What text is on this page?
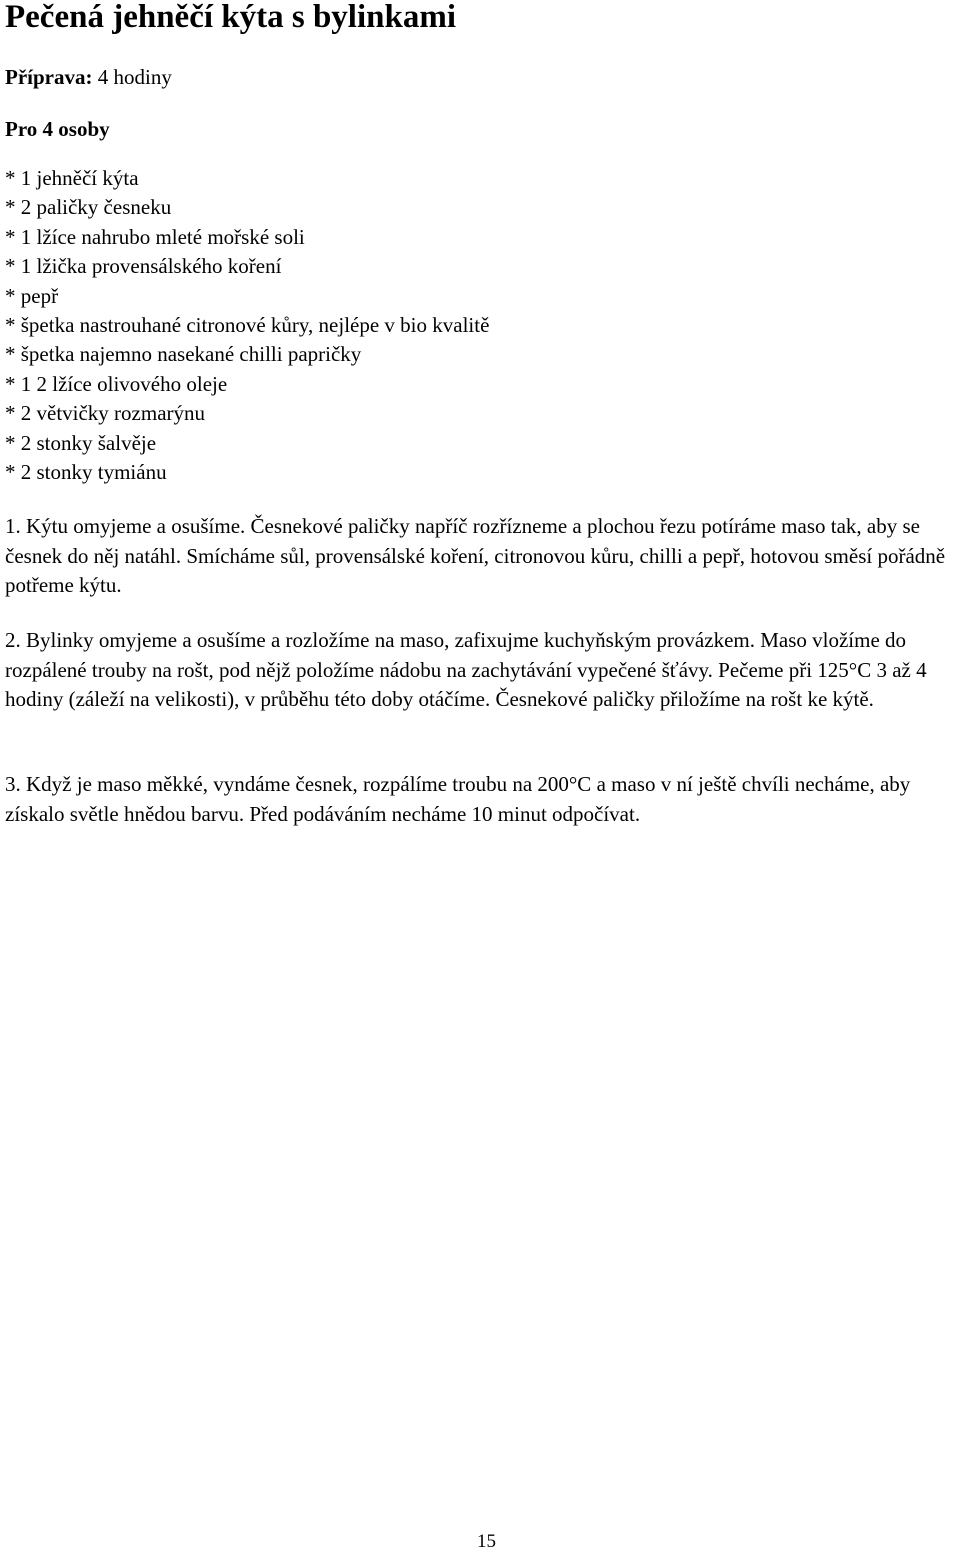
Pečená jehněčí kýta s bylinkami
Příprava: 4 hodiny
Pro 4 osoby
* 1 jehněčí kýta
* 2 paličky česneku
* 1 lžíce nahrubo mleté mořské soli
* 1 lžička provensálského koření
* pepř
* špetka nastrouhané citronové kůry, nejlépe v bio kvalitě
* špetka najemno nasekané chilli papričky
* 1 2 lžíce olivového oleje
* 2 větvičky rozmarýnu
* 2 stonky šalvěje
* 2 stonky tymiánu

1. Kýtu omyjeme a osušíme. Česnekové paličky napříč rozřízneme a plochou řezu potíráme maso tak, aby se česnek do něj natáhl. Smícháme sůl, provensálské koření, citronovou kůru, chilli a pepř, hotovou směsí pořádně potřeme kýtu.

2. Bylinky omyjeme a osušíme a rozložíme na maso, zafixujme kuchyňským provázkem. Maso vložíme do rozpálené trouby na rošt, pod nějž položíme nádobu na zachytávání vypečené šťávy. Pečeme při 125°C 3 až 4 hodiny (záleží na velikosti), v průběhu této doby otáčíme. Česnekové paličky přiložíme na rošt ke kýtě.

3. Když je maso měkké, vyndáme česnek, rozpálíme troubu na 200°C a maso v ní ještě chvíli necháme, aby získalo světle hnědou barvu. Před podáváním necháme 10 minut odpočívat.

15
